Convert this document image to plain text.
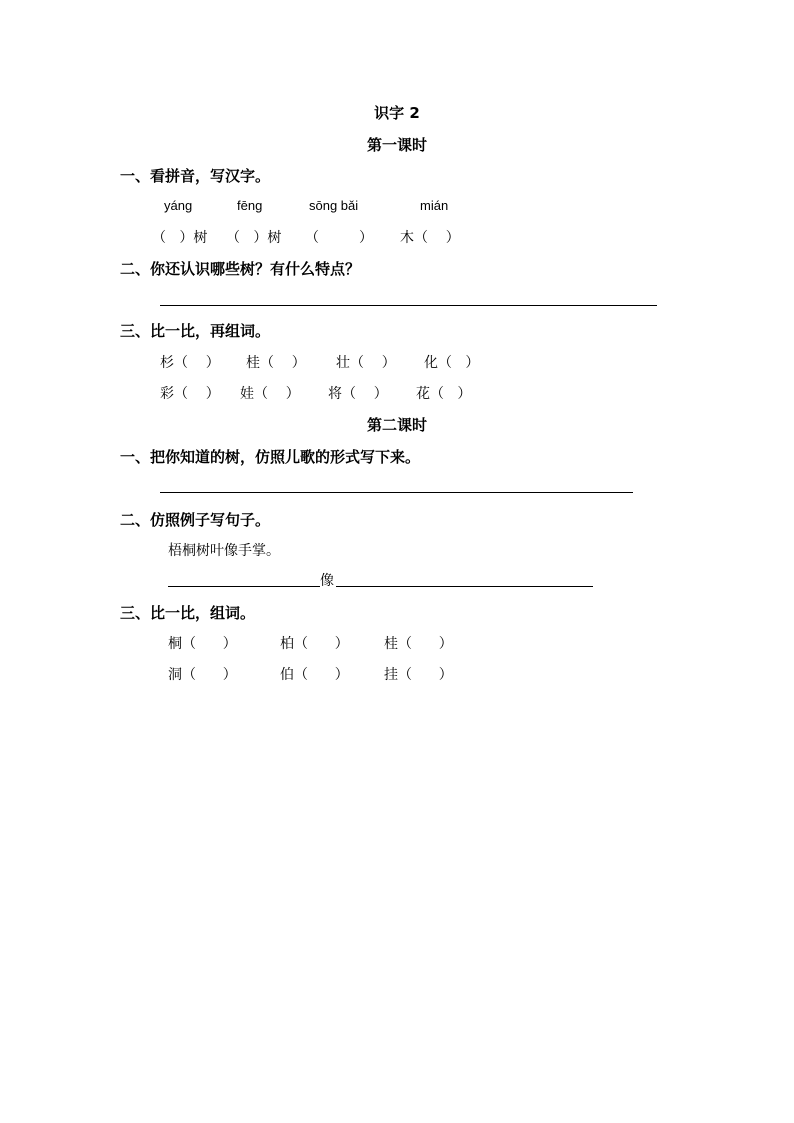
识字 2
第一课时
一、看拼音，写汉字。
yáng	fēng	sōng bǎi	mián
（   ）树 （   ）树 （         ） 木（    ）
二、你还认识哪些树？有什么特点？
三、比一比，再组词。
杉（    ） 桂（    ） 壮（    ） 化（   ）
彩（    ） 娃（    ） 将（    ） 花（   ）
第二课时
一、把你知道的树，仿照儿歌的形式写下来。
二、仿照例子写句子。
梧桐树叶像手掌。
像
三、比一比，组词。
桐（      ）	柏（      ）	桂（      ）
洞（      ）	伯（      ）	挂（      ）
